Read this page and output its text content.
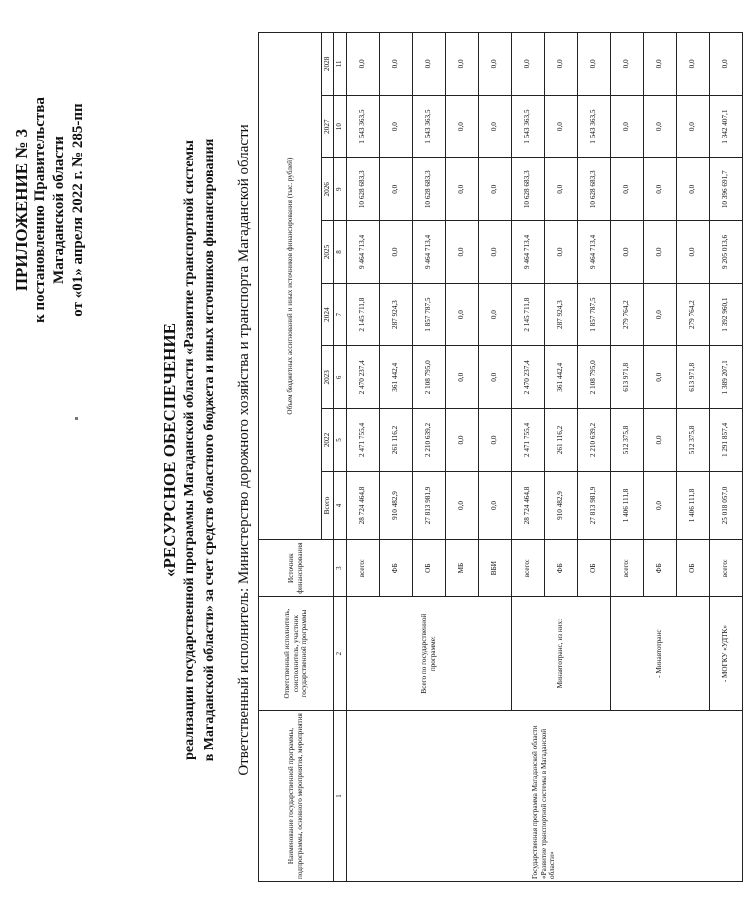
ПРИЛОЖЕНИЕ № 3 к постановлению Правительства Магаданской области от «01» апреля 2022 г. № 285-пп
«РЕСУРСНОЕ ОБЕСПЕЧЕНИЕ реализации государственной программы Магаданской области «Развитие транспортной системы в Магаданской области» за счет средств областного бюджета и иных источников финансирования Ответственный исполнитель: Министерство дорожного хозяйства и транспорта Магаданской области
Наименование государственной программы, подпрограммы, основного мероприятия, мероприятия	Ответственный исполнитель, соисполнитель, участник государственной программы	Источник финансирования	Объем бюджетных ассигнований и иных источников финансирования (тыс. рублей)							
			Всего	2022	2023	2024	2025	2026	2027	2028
1	2	3	4	5	6	7	8	9	10	11
Государственная программа Магаданской области «Развитие транспортной системы в Магаданской области»	Всего по государственной программе:	всего:	28 724 464,8	2 471 755,4	2 470 237,4	2 145 711,8	9 464 713,4	10 628 683,3	1 543 363,5	0,0
		ФБ	910 482,9	261 116,2	361 442,4	287 924,3	0,0	0,0	0,0	0,0
		ОБ	27 813 981,9	2 210 639,2	2 108 795,0	1 857 787,5	9 464 713,4	10 628 683,3	1 543 363,5	0,0
		МБ	0,0	0,0	0,0	0,0	0,0	0,0	0,0	0,0
		ВБИ	0,0	0,0	0,0	0,0	0,0	0,0	0,0	0,0
	Минавтотранс, из них:	всего:	28 724 464,8	2 471 755,4	2 470 237,4	2 145 711,8	9 464 713,4	10 628 683,3	1 543 363,5	0,0
		ФБ	910 482,9	261 116,2	361 442,4	287 924,3	0,0	0,0	0,0	0,0
		ОБ	27 813 981,9	2 210 639,2	2 108 795,0	1 857 787,5	9 464 713,4	10 628 683,3	1 543 363,5	0,0
	- Минавтотранс	всего:	1 406 111,8	512 375,8	613 971,8	279 764,2	0,0	0,0	0,0	0,0
		ФБ	0,0	0,0	0,0	0,0	0,0	0,0	0,0	0,0
		ОБ	1 406 111,8	512 375,8	613 971,8	279 764,2	0,0	0,0	0,0	0,0
	- МОГКУ «УДТК»	всего:	25 018 057,0	1 291 857,4	1 389 207,1	1 392 960,1	9 205 013,6	10 396 691,7	1 342 407,1	0,0
